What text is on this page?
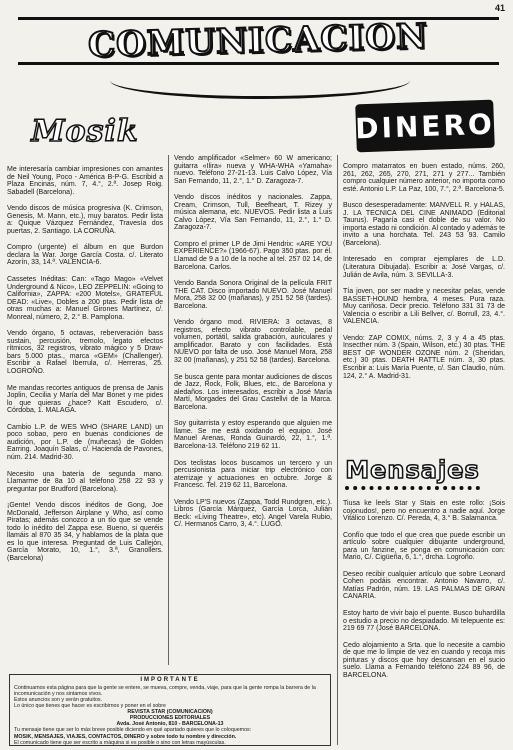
41
COMUNICACION
Mosik	DINERO
Mensajes

Me interesaría cambiar impresiones con amantes de Neil Young, Poco - América B-P-G. Escribid a Plaza Encinas, núm. 7, 4.°, 2.ª. Josep Roig. Sabadell (Barcelona).

Vendo discos de música progresiva (K. Crimson, Genesis, M. Mann, etc.), muy baratos. Pedir lista a: Quique Vázquez Fernández, Travesía dos puertas, 2. Santiago. LA CORUÑA.

Compro (urgente) el álbum en que Burdon declara la War. Jorge García Costa. c/. Literato Azorín, 33, 14.ª. VALENCIA-6.

Cassetes Inéditas: Can: «Tago Mago» «Velvet Underground & Nico», LEO ZEPPELIN: «Going to California», ZAPPA: «200 Motels», GRATEFUL DEAD: «Live», Dobles a 200 ptas. Pedir lista de otras muchas a: Manuel Girones Martínez, c/. Monreal, número, 2, 2.° B. Pamplona.

Vendo órgano, 5 octavas, reberveración bass sustain, percusión, tremolo, legato efectos rítmicos, 32 registros, vibrato mágico y 5 Draw-bars 5.000 ptas., marca «GEM» (Challenger). Escribir a Rafael Iberrula, c/. Herreras, 25. LOGROÑO.

Me mandas recortes antiguos de prensa de Janis Joplin, Cecilia y María del Mar Bonet y me pides lo que quieras ¿hace? Katt Escudero, c/. Córdoba, 1. MALAGA.

Cambio L.P. de WES WHO (SHARE LAND) un poco sobao, pero en buenas condiciones de audición, por L.P. de (muñecas) de Golden Earring. Joaquín Salas, c/. Hacienda de Pavones, núm. 214. Madrid-30.

Necesito una batería de segunda mano. Llamarme de 8a 10 al teléfono 258 22 93 y preguntar por Brudford (Barcelona).

¡Gente! Vendo discos inéditos de Gong, Joe McDonald, Jefferson Airplane y Who, así como Piratas; además conozco a un tío que se vende todo lo inédito del Zappa ese. Bueno, si queréis llamáis al 870 35 34, y hablamos de la plata que es lo que interesa. Preguntad de Luis Callejón, García Morato, 10, 1.°, 3.ª, Granollers. (Barcelona)

Vendo amplificador «Selmer» 60 W americano; guitarra «Ilira» nueva y WHA-WHA «Yamaha» nuevo. Teléfono 27-21-13. Luis Calvo López, Vía San Fernando, 11, 2.°, 1.° D. Zaragoza-7.

Vendo discos inéditos y nacionales. Zappa, Cream, Crimson, Tull, Beefheart, T. Rizey y música alemana, etc. NUEVOS. Pedir lista a Luis Calvo López, Vía San Fernando, 11, 2.°, 1.° D. Zaragoza-7.

Compro el primer LP de Jimi Hendrix: «ARE YOU EXPERIENCE?» (1966-67). Pago 350 ptas. por él. Llamad de 9 a 10 de la noche al tel. 257 02 14, de Barcelona. Carlos.

Vendo Banda Sonora Original de la película FRIT THE CAT. Disco importado NUEVO. José Manuel Mora, 258 32 00 (mañanas), y 251 52 58 (tardes). Barcelona.

Vendo órgano mod. RIVIERA: 3 octavas, 8 registros, efecto vibrato controlable, pedal volumen, portátil, salida grabación, auriculares y amplificador. Barato y con facilidades. Está NUEVO por falta de uso. José Manuel Mora, 258 32 00 (mañanas), y 251 52 58 (tardes). Barcelona.

Se busca gente para montar audiciones de discos de Jazz, Rock, Folk, Blues, etc., de Barcelona y aledaños. Los interesados, escribir a José María Martí, Morgades del Grau Castellvi de la Marca. Barcelona.

Soy guitarrista y estoy esperando que alguien me llame. Se me está oxidando el equipo. José Manuel Arenas, Ronda Guinardó, 22, 1.°, 1.ª. Barcelona-13. Teléfono 219 62 11.

Dos teclistas locos buscamos un tercero y un percusionista para iniciar trip electrónico con aterrizaje y actuaciones en octubre. Jorge & Francesc. Tel. 219 62 11, Barcelona.

Vendo LP'S nuevos (Zappa, Todd Rundgren, etc.). Libros (García Márquez, García Lorca, Julián Beck: «Living Theatre», etc). Angel Varela Rubio, C/. Hermanos Carro, 3, 4.°. LUGO.

Compro matarratos en buen estado, núms. 260, 261, 262, 265, 270, 271, 271 y 277... También compro cualquier número anterior, no importa como esté. Antonio L.P. La Paz, 100, 7.°, 2.ª. Barcelona-5.

Busco desesperadamente: MANVELL R. y HALAS, J. LA TECNICA DEL CINE ANIMADO (Editorial Taurus). Pagaría casi el doble de su valor. No importa estado ni condición. Al contado y además te invito a una horchata. Tel. 243 53 93. Camilo (Barcelona).

Interesado en comprar ejemplares de L.D. (Literatura Dibujada). Escribir a: José Vargas, c/. Julián de Avila, núm. 3. SEVILLA-3.

Tía joven, por ser madre y necesitar pelas, vende BASSET-HOUND hembra, 4 meses. Pura raza. Muy cariñosa. Decir precio. Teléfono 331 31 73 de Valencia o escribir a Lili Bellver, c/. Borrull, 23, 4.°. VALENCIA.

Vendo: ZAP COMIX, núms. 2, 3 y 4 a 45 ptas. Insecther núm. 3 (Spain, Wilson, etc.) 30 ptas. THE BEST OF WONDER OZONE núm. 2 (Sheridan, etc.) 30 ptas. DEATH RATTLE núm. 3, 30 ptas. Escribir a: Luis María Puente, c/. San Claudio, núm. 124, 2.° A. Madrid-31.

Tiusa ke leels Star y Stais en este rollo: ¡Sois cojonudos!, pero no encuentro a nadie aquí. Jorge Vitálico Lorenzo. C/. Pereda, 4, 3.° B. Salamanca.

Confío que todo el que crea que puede escribir un artículo sobre cualquier dibujante underground, para un fanzine, se ponga en comunicación con: Mario, C/. Cigüeña, 6, 1.°, drcha. Logroño.

Deseo recibir cualquier artículo que sobre Leonard Cohen podáis encontrar. Antonio Navarro, c/. Matías Padrón, núm. 19. LAS PALMAS DE GRAN CANARIA.

Estoy harto de vivir bajo el puente. Busco buhardilla o estudio a precio no despiadado. Mi telepuente es: 219 69 77 (José BARCELONA.

Cedo alojamiento a Srta. que lo necesite a cambio de que me lo limpie de vez en cuando y recoja mis pinturas y discos que hoy descansan en el sucio suelo. Llama a Fernando teléfono 224 89 96, de BARCELONA.

IMPORTANTE
Continuamos esta página para que la gente se entere, se mueva, compre, venda, viaje, para que la gente rompa la barrera de la incomunicación y nos sintamos vivos.
Estos anuncios son y serán gratuitos.
Lo único que tienes que hacer es escribirnos y poner en el sobre
REVISTA STAR (COMUNICACION)
PRODUCCIONES EDITORIALES
Avda. José Antonio, 810 - BARCELONA-13
Tu mensaje tiene que ser lo más breve posible diciendo en qué apartado quieres que lo coloquemos:
MOSIK, MENSAJES, VIAJES, CONTACTOS, DINERO y sobre todo tu nombre y dirección.
El comunicado tiene que ser escrito a máquina si es posible o sino con letras mayúsculas.
